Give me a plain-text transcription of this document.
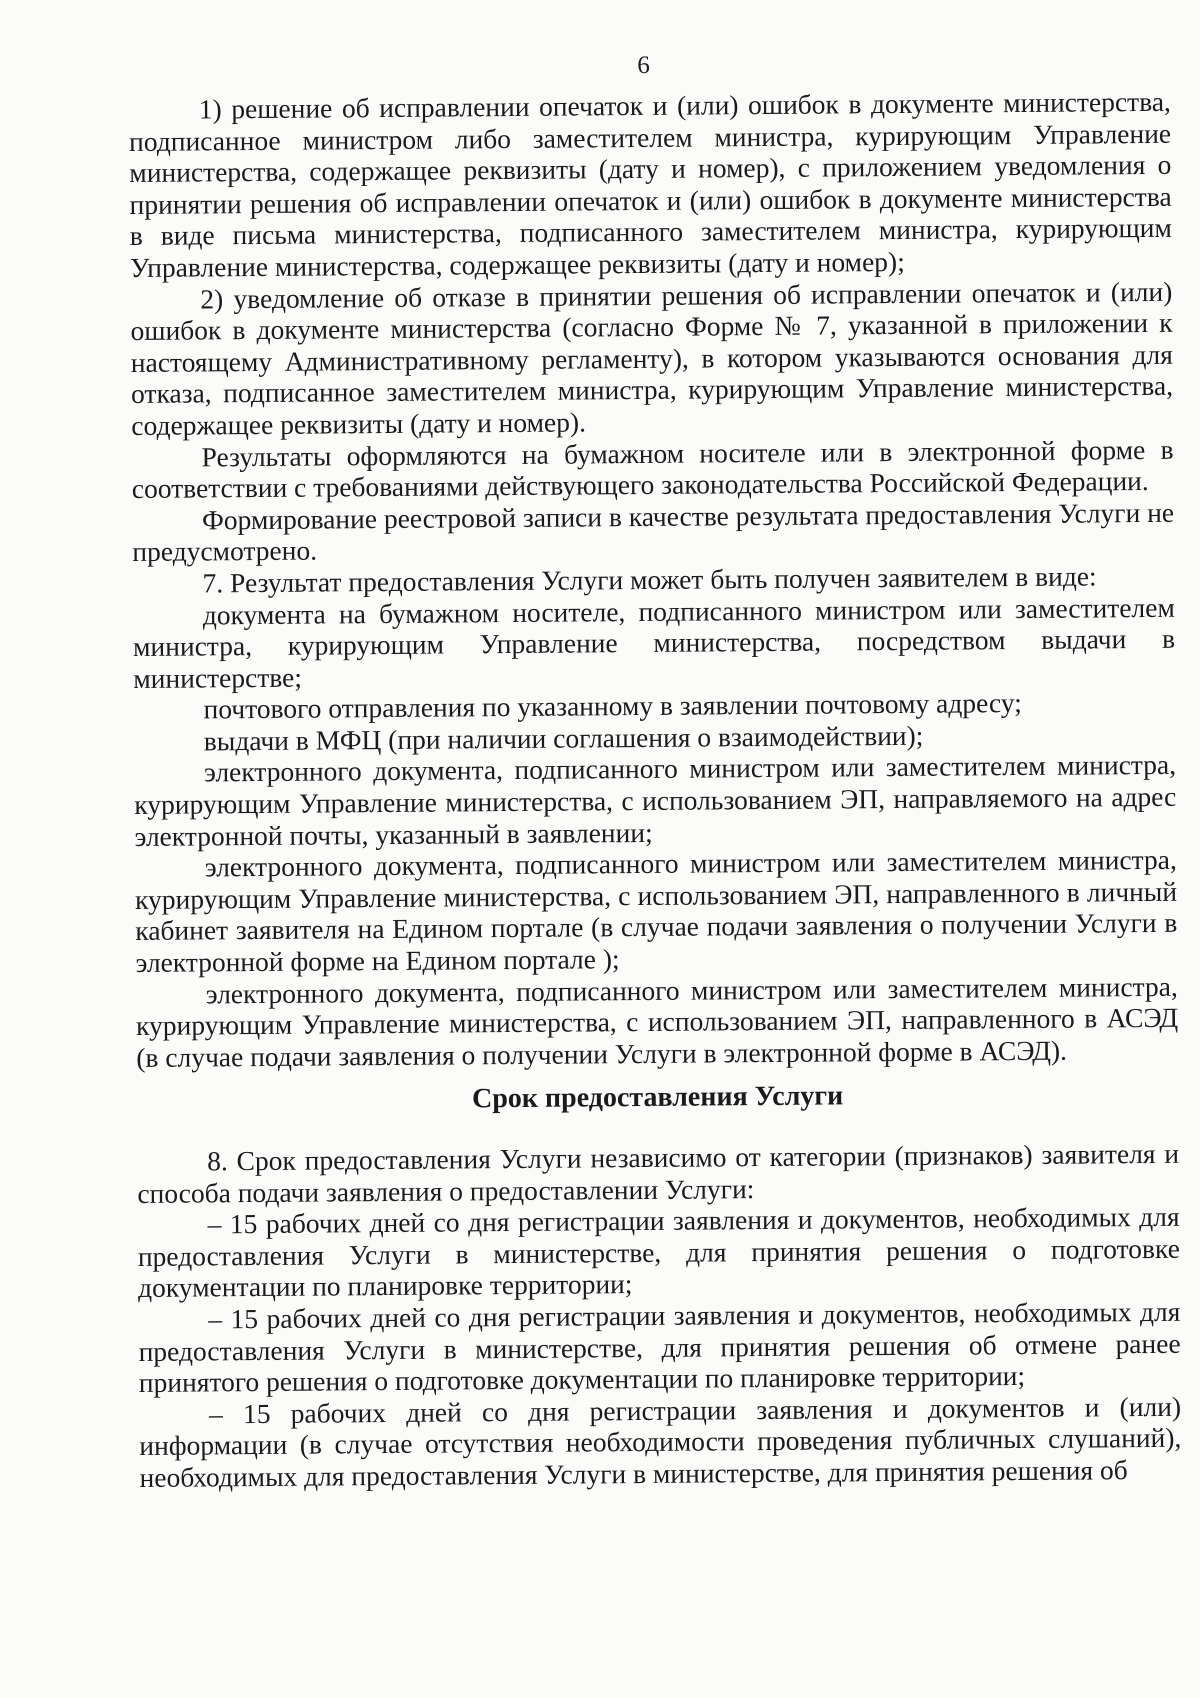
6

1) решение об исправлении опечаток и (или) ошибок в документе министерства, подписанное министром либо заместителем министра, курирующим Управление министерства, содержащее реквизиты (дату и номер), с приложением уведомления о принятии решения об исправлении опечаток и (или) ошибок в документе министерства в виде письма министерства, подписанного заместителем министра, курирующим Управление министерства, содержащее реквизиты (дату и номер);

2) уведомление об отказе в принятии решения об исправлении опечаток и (или) ошибок в документе министерства (согласно Форме № 7, указанной в приложении к настоящему Административному регламенту), в котором указываются основания для отказа, подписанное заместителем министра, курирующим Управление министерства, содержащее реквизиты (дату и номер).

Результаты оформляются на бумажном носителе или в электронной форме в соответствии с требованиями действующего законодательства Российской Федерации.

Формирование реестровой записи в качестве результата предоставления Услуги не предусмотрено.

7. Результат предоставления Услуги может быть получен заявителем в виде:

документа на бумажном носителе, подписанного министром или заместителем министра, курирующим Управление министерства, посредством выдачи в министерстве;

почтового отправления по указанному в заявлении почтовому адресу;

выдачи в МФЦ (при наличии соглашения о взаимодействии);

электронного документа, подписанного министром или заместителем министра, курирующим Управление министерства, с использованием ЭП, направляемого на адрес электронной почты, указанный в заявлении;

электронного документа, подписанного министром или заместителем министра, курирующим Управление министерства, с использованием ЭП, направленного в личный кабинет заявителя на Едином портале (в случае подачи заявления о получении Услуги в электронной форме на Едином портале );

электронного документа, подписанного министром или заместителем министра, курирующим Управление министерства, с использованием ЭП, направленного в АСЭД (в случае подачи заявления о получении Услуги в электронной форме в АСЭД).

Срок предоставления Услуги

8. Срок предоставления Услуги независимо от категории (признаков) заявителя и способа подачи заявления о предоставлении Услуги:

– 15 рабочих дней со дня регистрации заявления и документов, необходимых для предоставления Услуги в министерстве, для принятия решения о подготовке документации по планировке территории;

– 15 рабочих дней со дня регистрации заявления и документов, необходимых для предоставления Услуги в министерстве, для принятия решения об отмене ранее принятого решения о подготовке документации по планировке территории;

– 15 рабочих дней со дня регистрации заявления и документов и (или) информации (в случае отсутствия необходимости проведения публичных слушаний), необходимых для предоставления Услуги в министерстве, для принятия решения об
